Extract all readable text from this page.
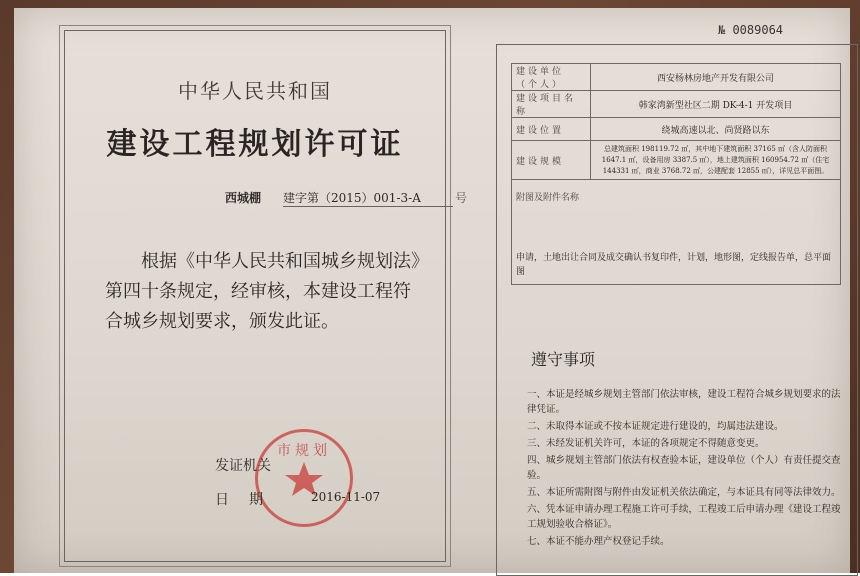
中华人民共和国
建设工程规划许可证
西城棚 建字第（2015）001-3-A	号
根据《中华人民共和国城乡规划法》第四十条规定，经审核，本建设工程符合城乡规划要求，颁发此证。
市规划
发证机关
日期 2016-11-07
№ 0089064
建设单位（个人）	西安杨林房地产开发有限公司
建设项目名称	韩家湾新型社区二期 DK-4-1 开发项目
建设位置	绕城高速以北、尚贤路以东
建设规模	总建筑面积 198119.72 ㎡，其中地下建筑面积 37165 ㎡（含人防面积 1647.1 ㎡，设备用房 3387.5 ㎡），地上建筑面积 160954.72 ㎡（住宅 144331 ㎡，商业 3768.72 ㎡，公建配套 12855 ㎡），详见总平面图。

附图及附件名称
申请，土地出让合同及成交确认书复印件，计划，地形图，定线报告单，总平面图	
遵守事项
一、本证是经城乡规划主管部门依法审核，建设工程符合城乡规划要求的法律凭证。
二、未取得本证或不按本证规定进行建设的，均属违法建设。
三、未经发证机关许可，本证的各项规定不得随意变更。
四、城乡规划主管部门依法有权查验本证，建设单位（个人）有责任提交查验。
五、本证所需附图与附件由发证机关依法确定，与本证具有同等法律效力。
六、凭本证申请办理工程施工许可手续，工程竣工后申请办理《建设工程竣工规划验收合格证》。
七、本证不能办理产权登记手续。
